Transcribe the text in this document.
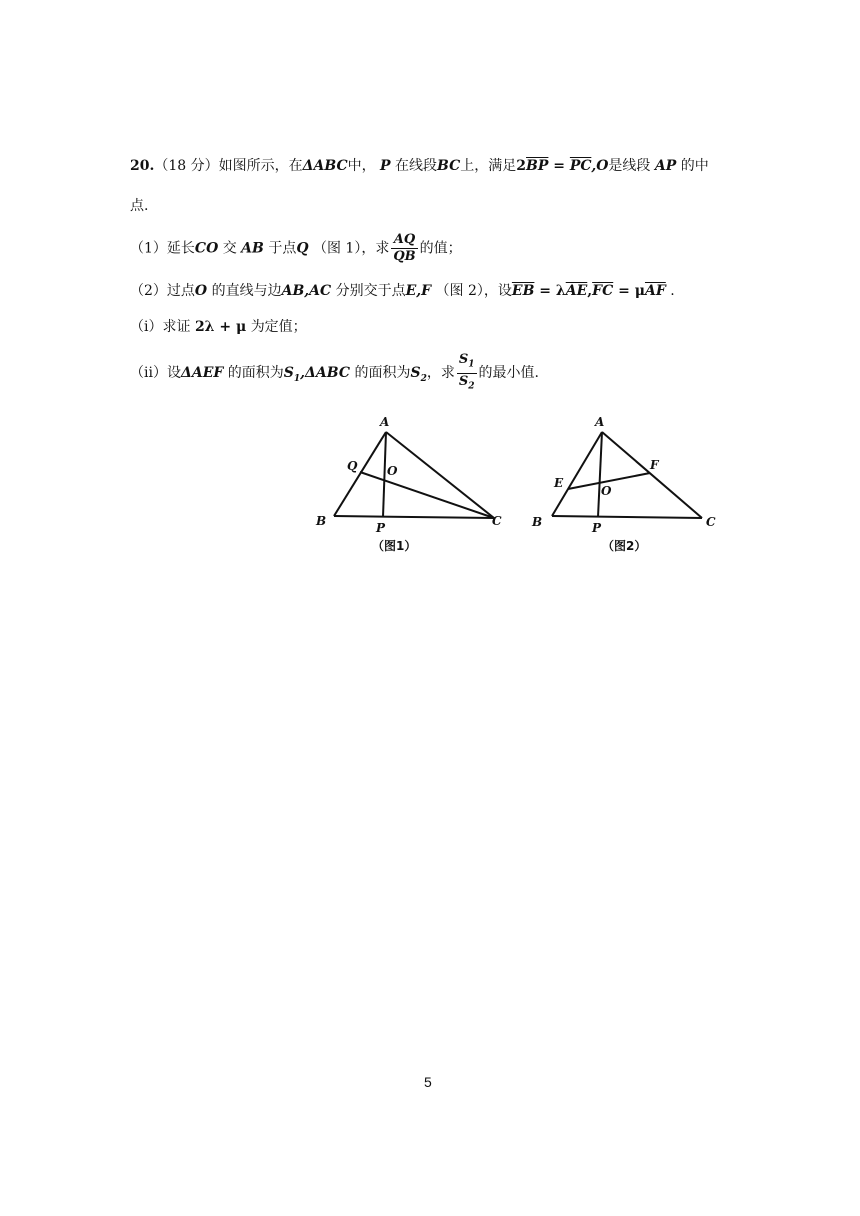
20.（18 分）如图所示，在ΔABC中， P 在线段BC上，满足$2\overline{BP} = \overline{PC},O$是线段 AP 的中
点.
（1）延长CO 交 AB 于点Q （图 1），求 $\frac{AQ}{QB}$ 的值；
（2）过点O 的直线与边AB,AC 分别交于点E,F （图 2），设$\overline{EB} = \lambda\overline{AE},\overline{FC} = \mu\overline{AF}$ .
（i）求证 2λ + μ 为定值；
（ii）设ΔAEF 的面积为$S_1,\Delta ABC$ 的面积为$S_2$，求 $\frac{S_1}{S_2}$ 的最小值.
A
B	C
P
Q O
（图1）
A
B	C
P
E
F
O
（图2）
5
